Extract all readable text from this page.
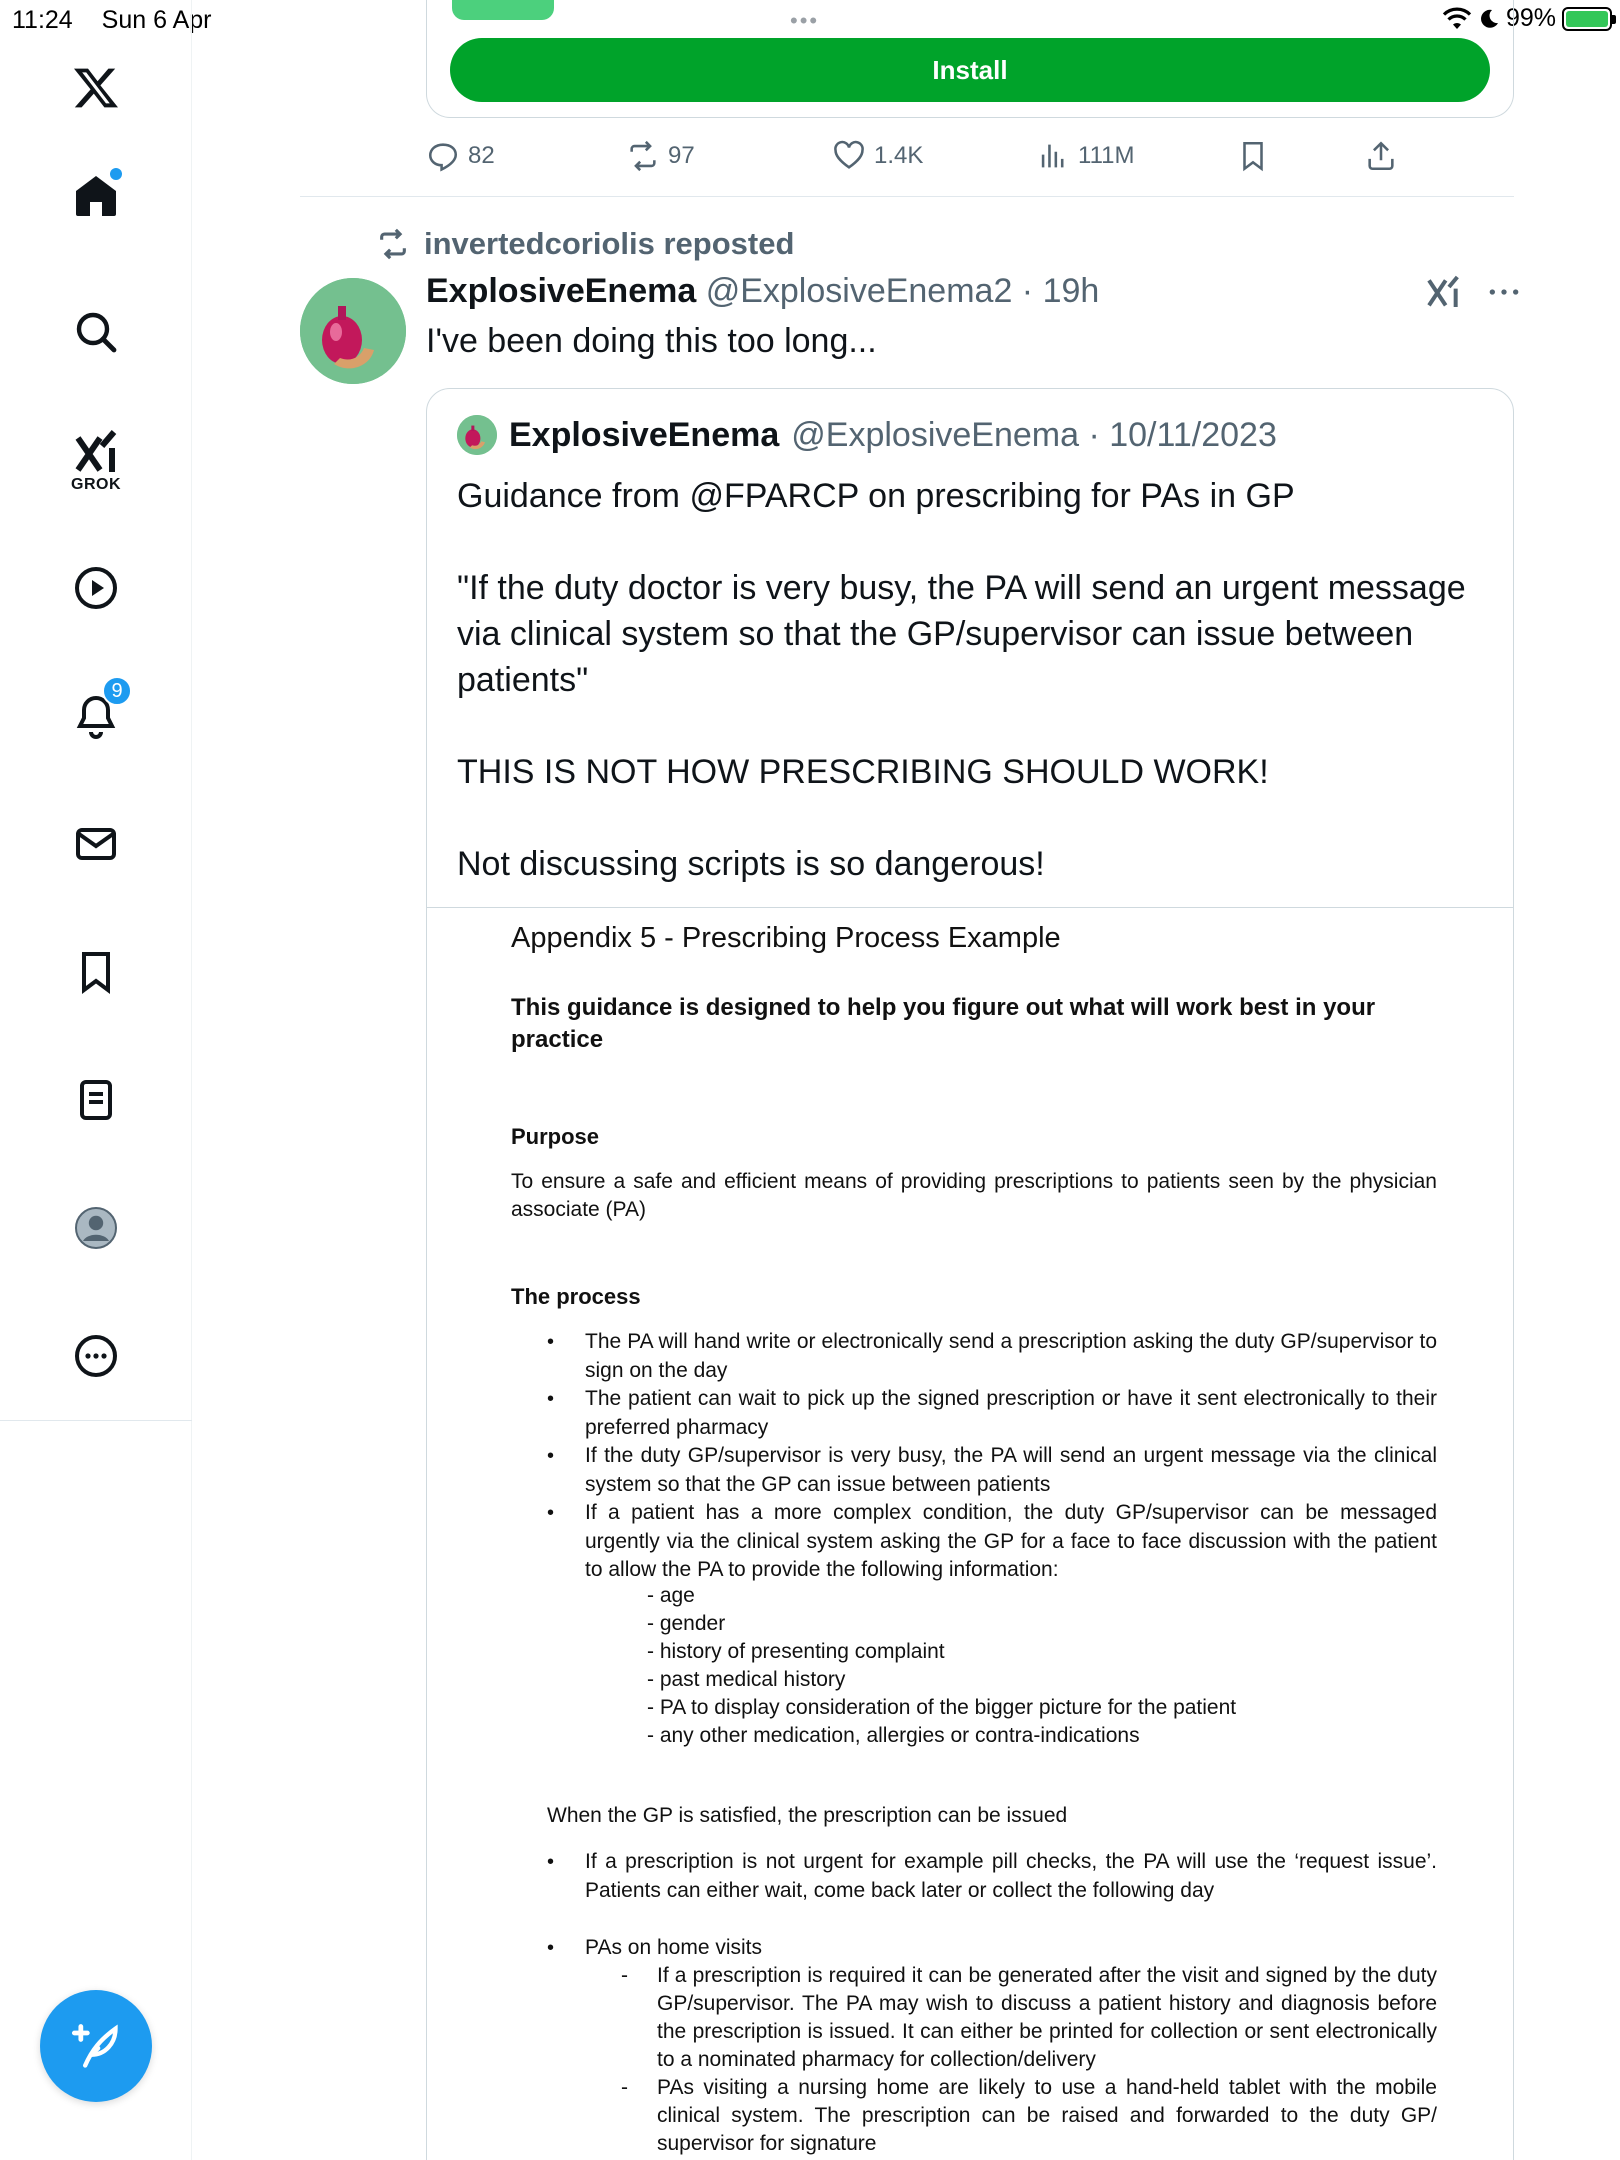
11:24 Sun 6 Apr	•••	99%
GROK
9
Install
82	97	1.4K	111M
invertedcoriolis reposted
ExplosiveEnema @ExplosiveEnema2 · 19h
I've been doing this too long...
ExplosiveEnema @ExplosiveEnema · 10/11/2023

Guidance from @FPARCP on prescribing for PAs in GP

"If the duty doctor is very busy, the PA will send an urgent message via clinical system so that the GP/supervisor can issue between patients"

THIS IS NOT HOW PRESCRIBING SHOULD WORK!

Not discussing scripts is so dangerous!

Appendix 5 - Prescribing Process Example
This guidance is designed to help you figure out what will work best in your practice
Purpose
To ensure a safe and efficient means of providing prescriptions to patients seen by the physician associate (PA)
The process
• The PA will hand write or electronically send a prescription asking the duty GP/supervisor to sign on the day
• The patient can wait to pick up the signed prescription or have it sent electronically to their preferred pharmacy
• If the duty GP/supervisor is very busy, the PA will send an urgent message via the clinical system so that the GP can issue between patients
• If a patient has a more complex condition, the duty GP/supervisor can be messaged urgently via the clinical system asking the GP for a face to face discussion with the patient to allow the PA to provide the following information:
- age
- gender
- history of presenting complaint
- past medical history
- PA to display consideration of the bigger picture for the patient
- any other medication, allergies or contra-indications
When the GP is satisfied, the prescription can be issued
• If a prescription is not urgent for example pill checks, the PA will use the ‘request issue’. Patients can either wait, come back later or collect the following day
• PAs on home visits
- If a prescription is required it can be generated after the visit and signed by the duty GP/supervisor. The PA may wish to discuss a patient history and diagnosis before the prescription is issued. It can either be printed for collection or sent electronically to a nominated pharmacy for collection/delivery
- PAs visiting a nursing home are likely to use a hand-held tablet with the mobile clinical system. The prescription can be raised and forwarded to the duty GP/ supervisor for signature
